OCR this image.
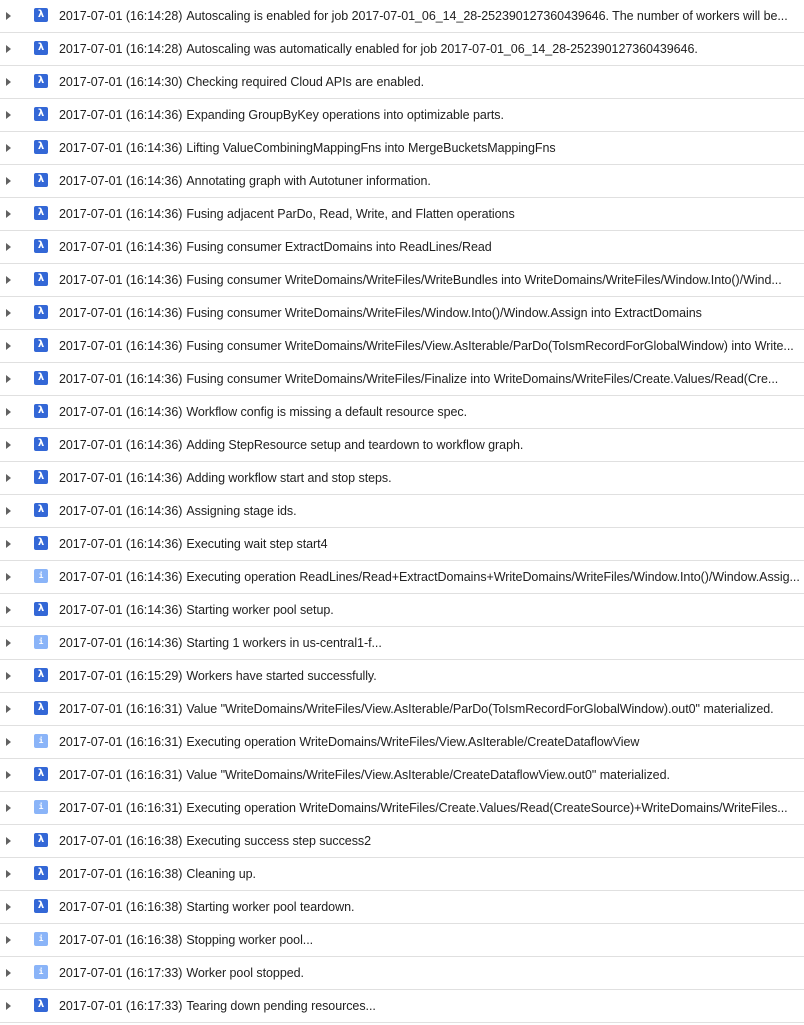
λ	2017-07-01 (16:14:28) Autoscaling is enabled for job 2017-07-01_06_14_28-252390127360439646. The number of workers will be...
λ	2017-07-01 (16:14:28) Autoscaling was automatically enabled for job 2017-07-01_06_14_28-252390127360439646.
λ	2017-07-01 (16:14:30) Checking required Cloud APIs are enabled.
λ	2017-07-01 (16:14:36) Expanding GroupByKey operations into optimizable parts.
λ	2017-07-01 (16:14:36) Lifting ValueCombiningMappingFns into MergeBucketsMappingFns
λ	2017-07-01 (16:14:36) Annotating graph with Autotuner information.
λ	2017-07-01 (16:14:36) Fusing adjacent ParDo, Read, Write, and Flatten operations
λ	2017-07-01 (16:14:36) Fusing consumer ExtractDomains into ReadLines/Read
λ	2017-07-01 (16:14:36) Fusing consumer WriteDomains/WriteFiles/WriteBundles into WriteDomains/WriteFiles/Window.Into()/Wind...
λ	2017-07-01 (16:14:36) Fusing consumer WriteDomains/WriteFiles/Window.Into()/Window.Assign into ExtractDomains
λ	2017-07-01 (16:14:36) Fusing consumer WriteDomains/WriteFiles/View.AsIterable/ParDo(ToIsmRecordForGlobalWindow) into Write...
λ	2017-07-01 (16:14:36) Fusing consumer WriteDomains/WriteFiles/Finalize into WriteDomains/WriteFiles/Create.Values/Read(Cre...
λ	2017-07-01 (16:14:36) Workflow config is missing a default resource spec.
λ	2017-07-01 (16:14:36) Adding StepResource setup and teardown to workflow graph.
λ	2017-07-01 (16:14:36) Adding workflow start and stop steps.
λ	2017-07-01 (16:14:36) Assigning stage ids.
λ	2017-07-01 (16:14:36) Executing wait step start4
i	2017-07-01 (16:14:36) Executing operation ReadLines/Read+ExtractDomains+WriteDomains/WriteFiles/Window.Into()/Window.Assig...
λ	2017-07-01 (16:14:36) Starting worker pool setup.
i	2017-07-01 (16:14:36) Starting 1 workers in us-central1-f...
λ	2017-07-01 (16:15:29) Workers have started successfully.
λ	2017-07-01 (16:16:31) Value "WriteDomains/WriteFiles/View.AsIterable/ParDo(ToIsmRecordForGlobalWindow).out0" materialized.
i	2017-07-01 (16:16:31) Executing operation WriteDomains/WriteFiles/View.AsIterable/CreateDataflowView
λ	2017-07-01 (16:16:31) Value "WriteDomains/WriteFiles/View.AsIterable/CreateDataflowView.out0" materialized.
i	2017-07-01 (16:16:31) Executing operation WriteDomains/WriteFiles/Create.Values/Read(CreateSource)+WriteDomains/WriteFiles...
λ	2017-07-01 (16:16:38) Executing success step success2
λ	2017-07-01 (16:16:38) Cleaning up.
λ	2017-07-01 (16:16:38) Starting worker pool teardown.
i	2017-07-01 (16:16:38) Stopping worker pool...
i	2017-07-01 (16:17:33) Worker pool stopped.
λ	2017-07-01 (16:17:33) Tearing down pending resources...
